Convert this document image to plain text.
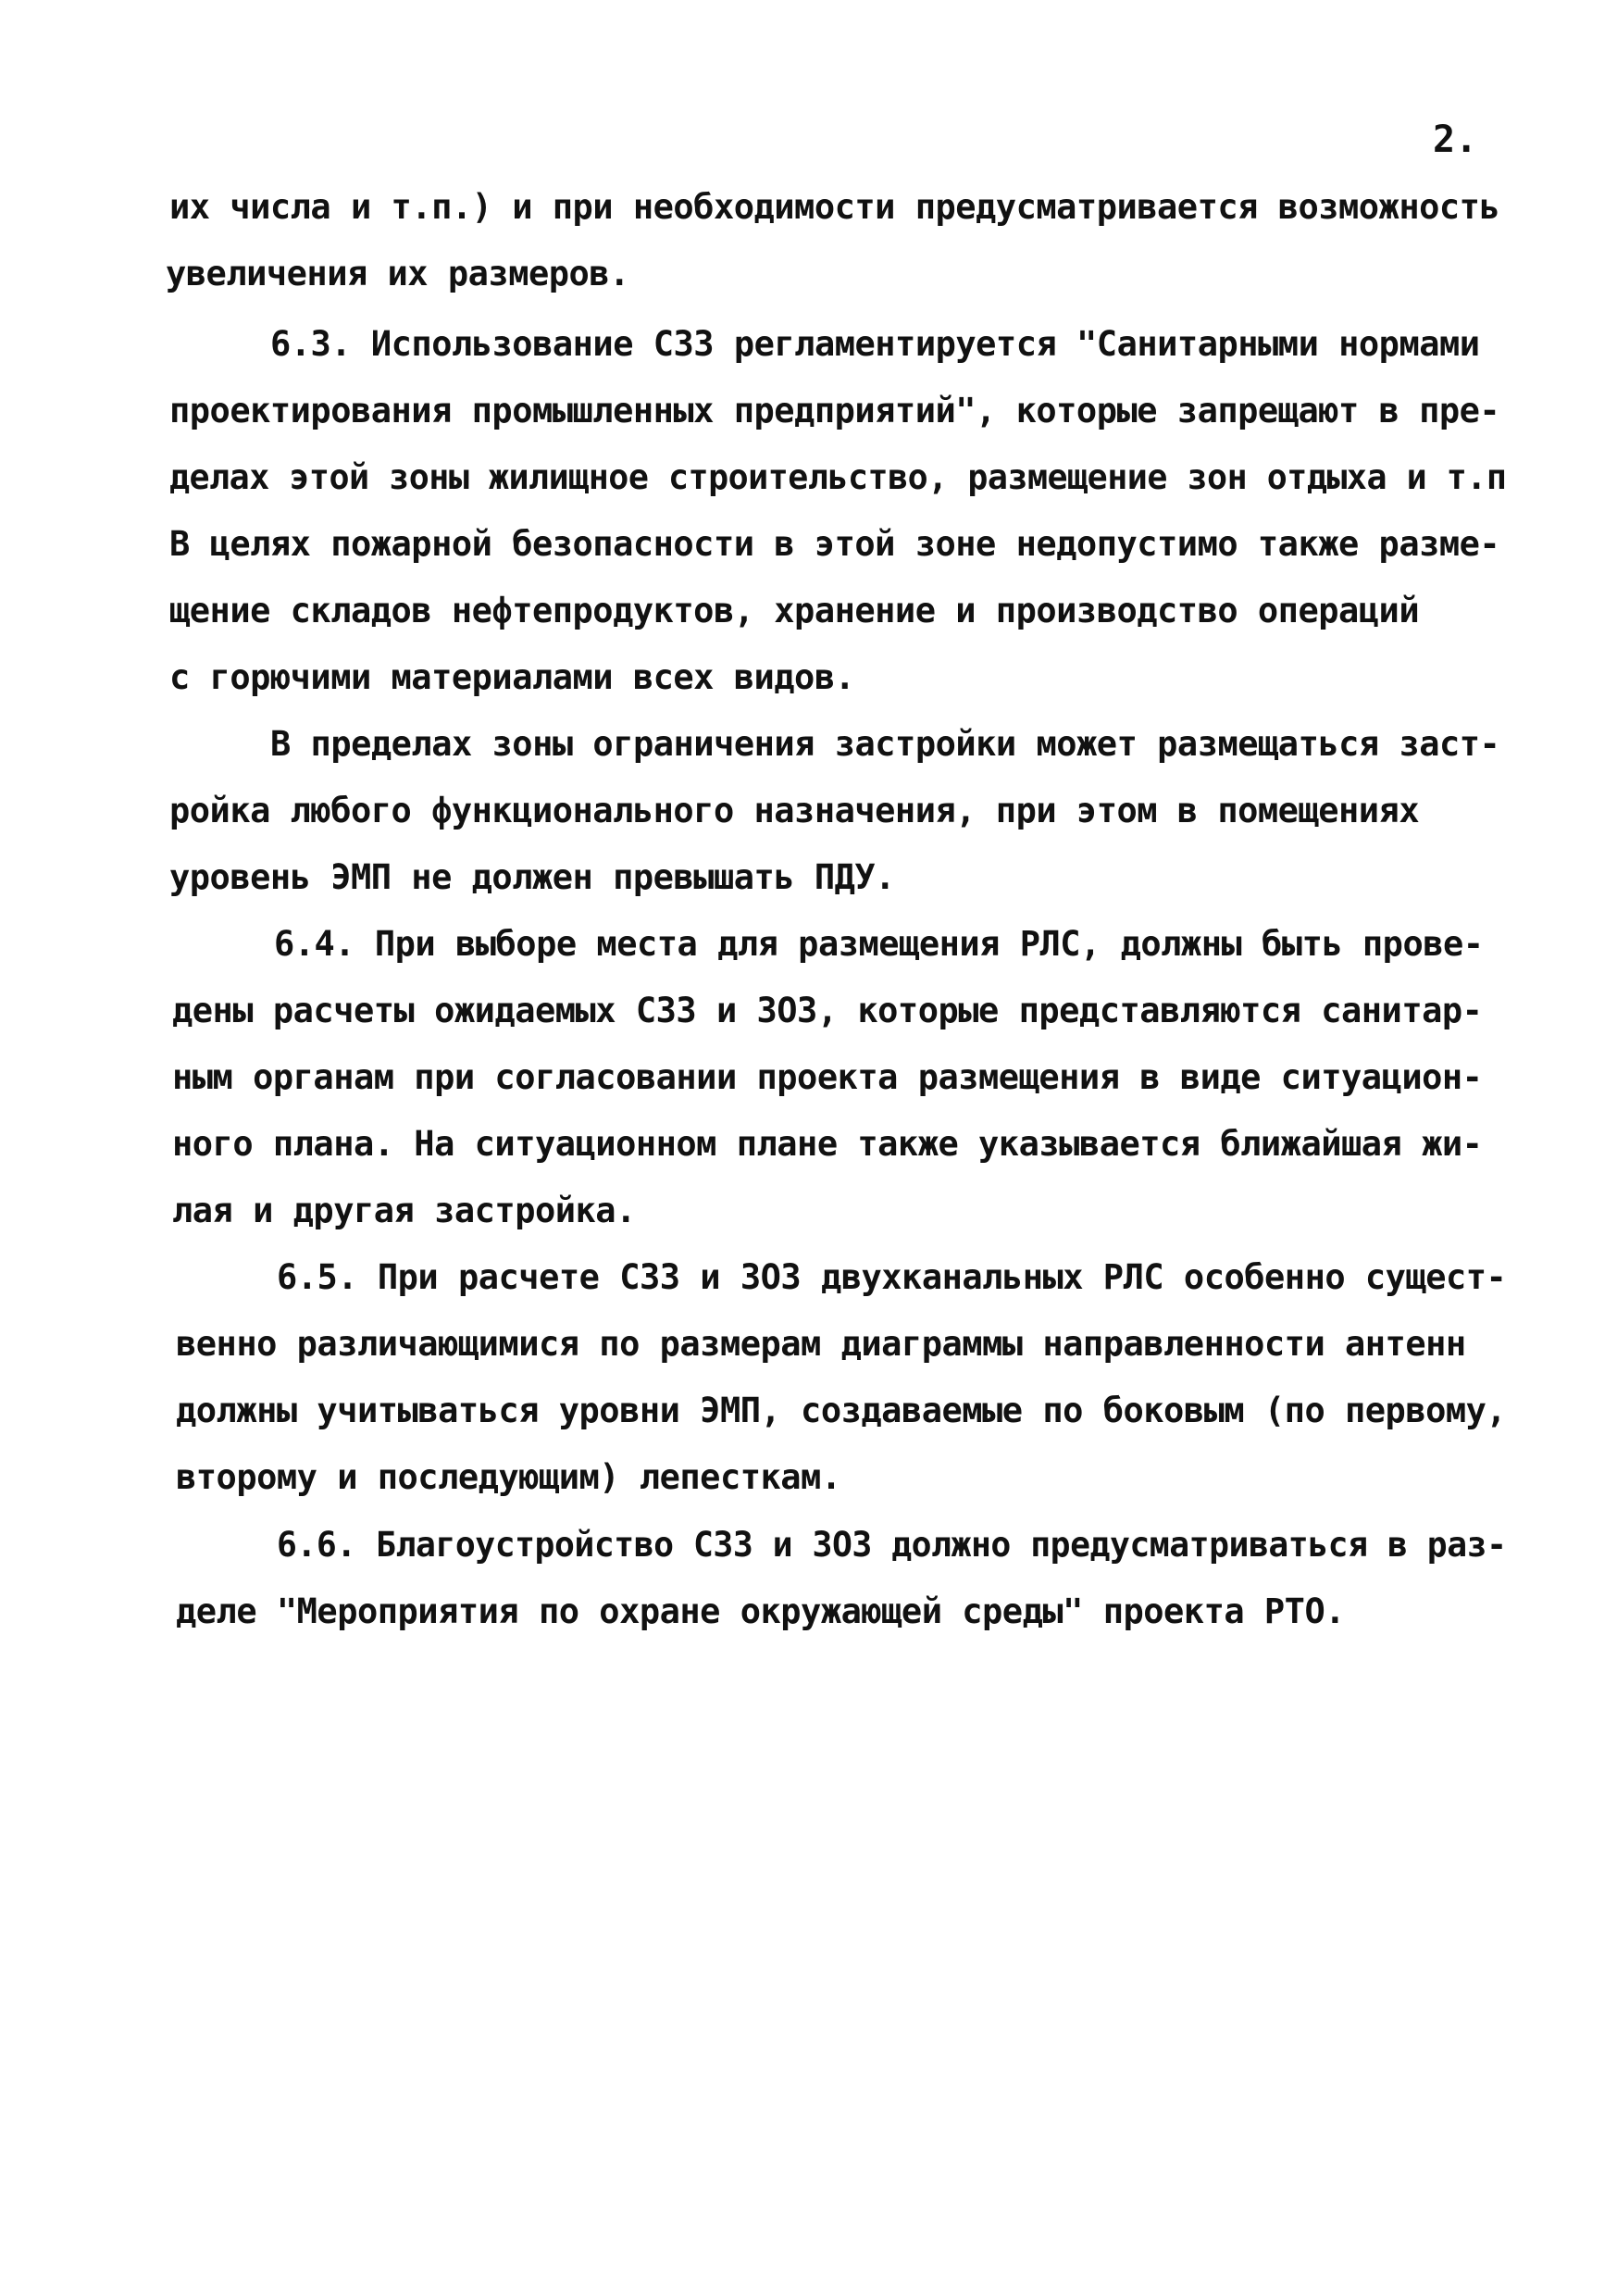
2.
их числа и т.п.) и при необходимости предусматривается возможность
увеличения их размеров.
6.3. Использование СЗЗ регламентируется "Санитарными нормами
проектирования промышленных предприятий", которые запрещают в пре-
делах этой зоны жилищное строительство, размещение зон отдыха и т.п
В целях пожарной безопасности в этой зоне недопустимо также разме-
щение складов нефтепродуктов, хранение и производство операций
с горючими материалами всех видов.
В пределах зоны ограничения застройки может размещаться заст-
ройка любого функционального назначения, при этом в помещениях
уровень ЭМП не должен превышать ПДУ.
6.4. При выборе места для размещения РЛС, должны быть прове-
дены расчеты ожидаемых СЗЗ и ЗОЗ, которые представляются санитар-
ным органам при согласовании проекта размещения в виде ситуацион-
ного плана. На ситуационном плане также указывается ближайшая жи-
лая и другая застройка.
6.5. При расчете СЗЗ и ЗОЗ двухканальных РЛС особенно сущест-
венно различающимися по размерам диаграммы направленности антенн
должны учитываться уровни ЭМП, создаваемые по боковым (по первому,
второму и последующим) лепесткам.
6.6. Благоустройство СЗЗ и ЗОЗ должно предусматриваться в раз-
деле "Мероприятия по охране окружающей среды" проекта РТО.
